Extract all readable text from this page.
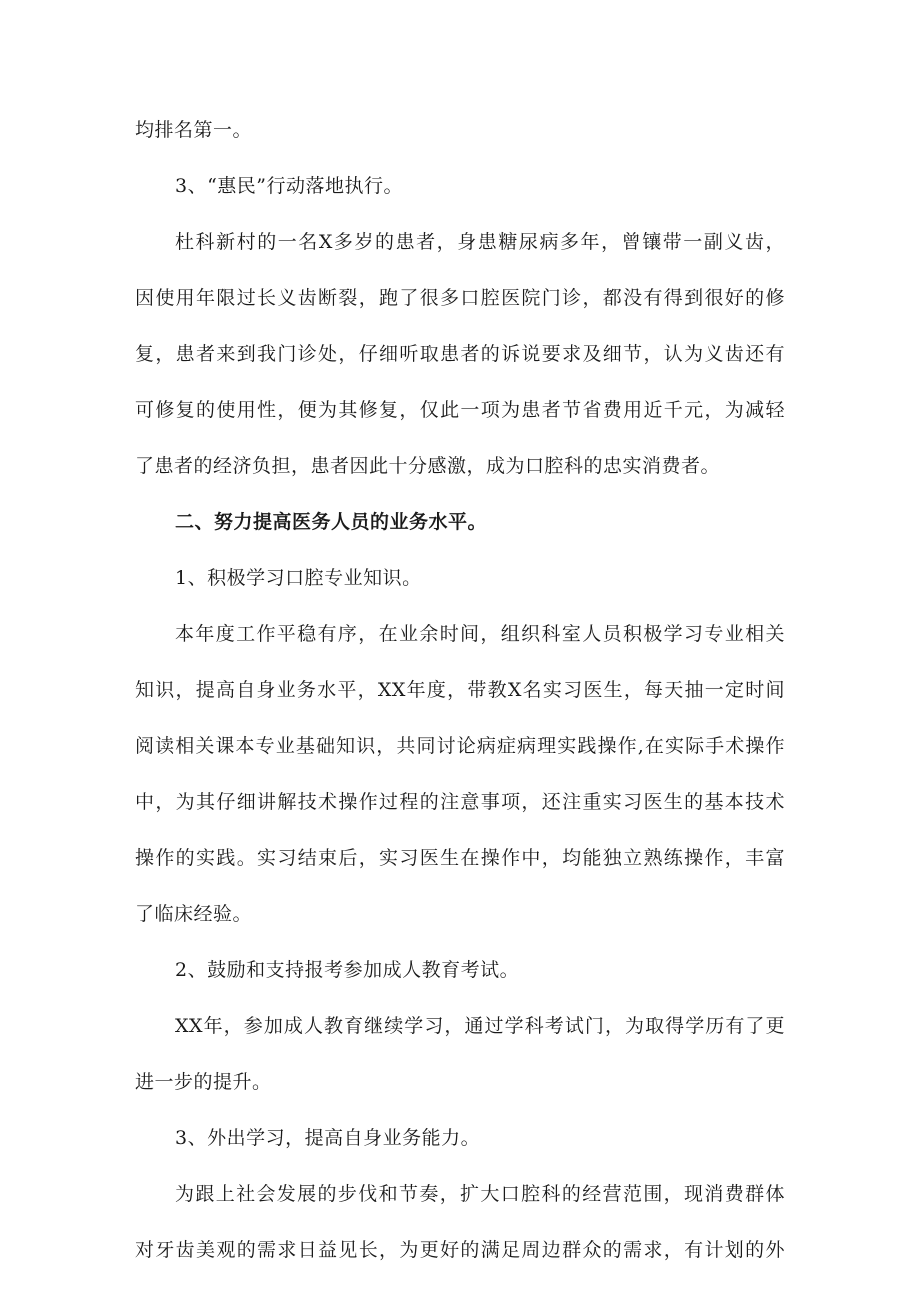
均排名第一。
3、“惠民”行动落地执行。
杜科新村的一名X多岁的患者，身患糖尿病多年，曾镶带一副义齿，
因使用年限过长义齿断裂，跑了很多口腔医院门诊，都没有得到很好的修
复，患者来到我门诊处，仔细听取患者的诉说要求及细节，认为义齿还有
可修复的使用性，便为其修复，仅此一项为患者节省费用近千元，为减轻
了患者的经济负担，患者因此十分感激，成为口腔科的忠实消费者。
二、努力提高医务人员的业务水平。
1、积极学习口腔专业知识。
本年度工作平稳有序，在业余时间，组织科室人员积极学习专业相关
知识，提高自身业务水平，XX年度，带教X名实习医生，每天抽一定时间
阅读相关课本专业基础知识，共同讨论病症病理实践操作,在实际手术操作
中，为其仔细讲解技术操作过程的注意事项，还注重实习医生的基本技术
操作的实践。实习结束后，实习医生在操作中，均能独立熟练操作，丰富
了临床经验。
2、鼓励和支持报考参加成人教育考试。
XX年，参加成人教育继续学习，通过学科考试门，为取得学历有了更
进一步的提升。
3、外出学习，提高自身业务能力。
为跟上社会发展的步伐和节奏，扩大口腔科的经营范围，现消费群体
对牙齿美观的需求日益见长，为更好的满足周边群众的需求，有计划的外
